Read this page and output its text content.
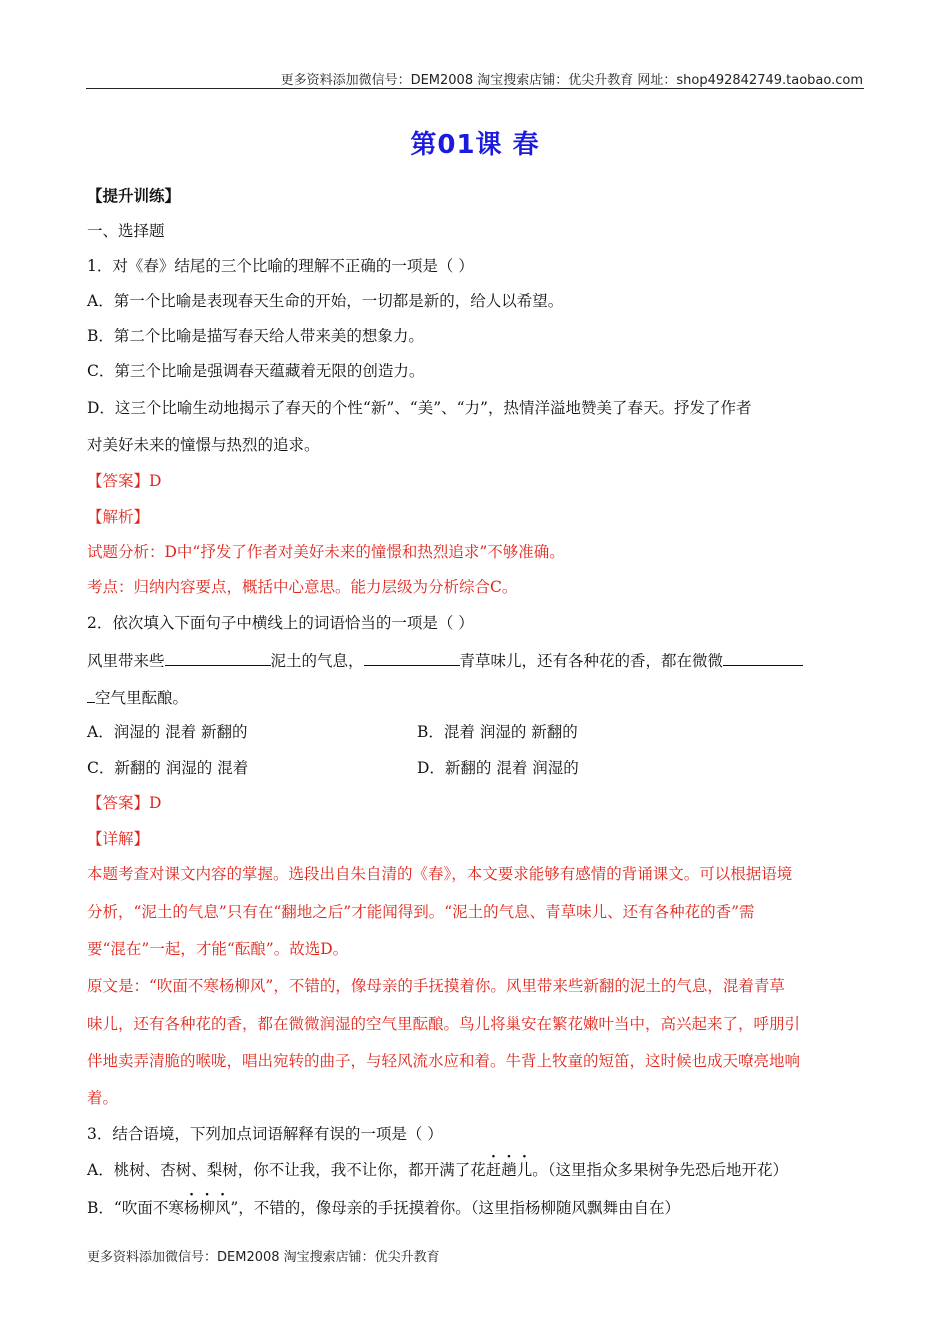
更多资料添加微信号：DEM2008 淘宝搜索店铺：优尖升教育 网址：shop492842749.taobao.com
第01课 春
【提升训练】
一、选择题
1．对《春》结尾的三个比喻的理解不正确的一项是（ ）
A．第一个比喻是表现春天生命的开始，一切都是新的，给人以希望。
B．第二个比喻是描写春天给人带来美的想象力。
C．第三个比喻是强调春天蕴藏着无限的创造力。
D．这三个比喻生动地揭示了春天的个性“新”、“美”、“力”，热情洋溢地赞美了春天。抒发了作者
对美好未来的憧憬与热烈的追求。
【答案】D
【解析】
试题分析：D中“抒发了作者对美好未来的憧憬和热烈追求”不够准确。
考点：归纳内容要点，概括中心意思。能力层级为分析综合C。
2．依次填入下面句子中横线上的词语恰当的一项是（ ）
风里带来些	泥土的气息，	青草味儿，还有各种花的香，都在微微
空气里酝酿。
A．润湿的 混着 新翻的	B．混着 润湿的 新翻的
C．新翻的 润湿的 混着	D．新翻的 混着 润湿的
【答案】D
【详解】
本题考查对课文内容的掌握。选段出自朱自清的《春》，本文要求能够有感情的背诵课文。可以根据语境
分析，“泥土的气息”只有在“翻地之后”才能闻得到。“泥土的气息、青草味儿、还有各种花的香”需
要“混在”一起，才能“酝酿”。故选D。
原文是：“吹面不寒杨柳风”，不错的，像母亲的手抚摸着你。风里带来些新翻的泥土的气息，混着青草
味儿，还有各种花的香，都在微微润湿的空气里酝酿。鸟儿将巢安在繁花嫩叶当中，高兴起来了，呼朋引
伴地卖弄清脆的喉咙，唱出宛转的曲子，与轻风流水应和着。牛背上牧童的短笛，这时候也成天嘹亮地响
着。
3．结合语境，下列加点词语解释有误的一项是（ ）
A．桃树、杏树、梨树，你不让我，我不让你，都开满了花赶趟儿。（这里指众多果树争先恐后地开花）
B．“吹面不寒杨柳风”，不错的，像母亲的手抚摸着你。（这里指杨柳随风飘舞由自在）
更多资料添加微信号：DEM2008 淘宝搜索店铺：优尖升教育
